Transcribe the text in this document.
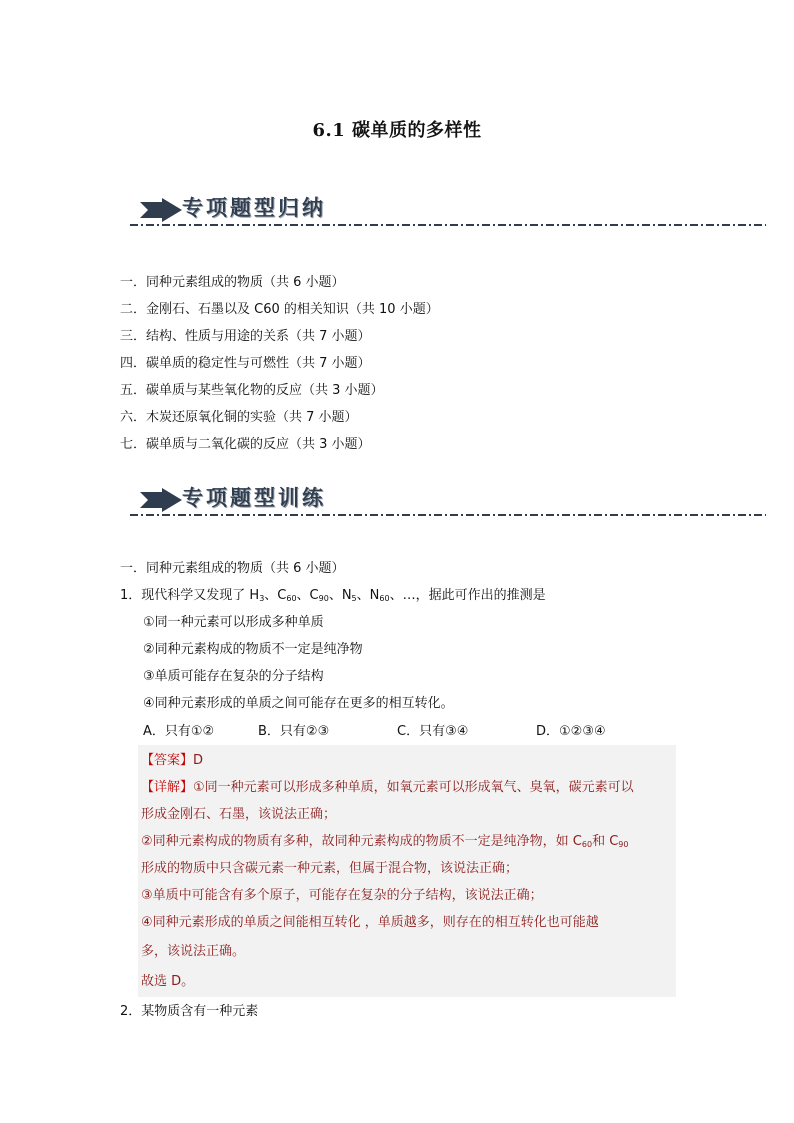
6.1 碳单质的多样性
专项题型归纳
一．同种元素组成的物质（共 6 小题）
二．金刚石、石墨以及 C60 的相关知识（共 10 小题）
三．结构、性质与用途的关系（共 7 小题）
四．碳单质的稳定性与可燃性（共 7 小题）
五．碳单质与某些氧化物的反应（共 3 小题）
六．木炭还原氧化铜的实验（共 7 小题）
七．碳单质与二氧化碳的反应（共 3 小题）
专项题型训练
一．同种元素组成的物质（共 6 小题）
1．现代科学又发现了 $H_3$、$C_{60}$、$C_{90}$、$N_5$、$N_{60}$、…，据此可作出的推测是
①同一种元素可以形成多种单质
②同种元素构成的物质不一定是纯净物
③单质可能存在复杂的分子结构
④同种元素形成的单质之间可能存在更多的相互转化。
A．只有①②	B．只有②③	C．只有③④	D．①②③④
【答案】D
【详解】①同一种元素可以形成多种单质，如氧元素可以形成氧气、臭氧，碳元素可以
形成金刚石、石墨，该说法正确；
②同种元素构成的物质有多种，故同种元素构成的物质不一定是纯净物，如 $C_{60}$和 $C_{90}$
形成的物质中只含碳元素一种元素，但属于混合物，该说法正确；
③单质中可能含有多个原子，可能存在复杂的分子结构，该说法正确；
④同种元素形成的单质之间能相互转化 ，单质越多，则存在的相互转化也可能越
多，该说法正确。
故选 D。
2．某物质含有一种元素
